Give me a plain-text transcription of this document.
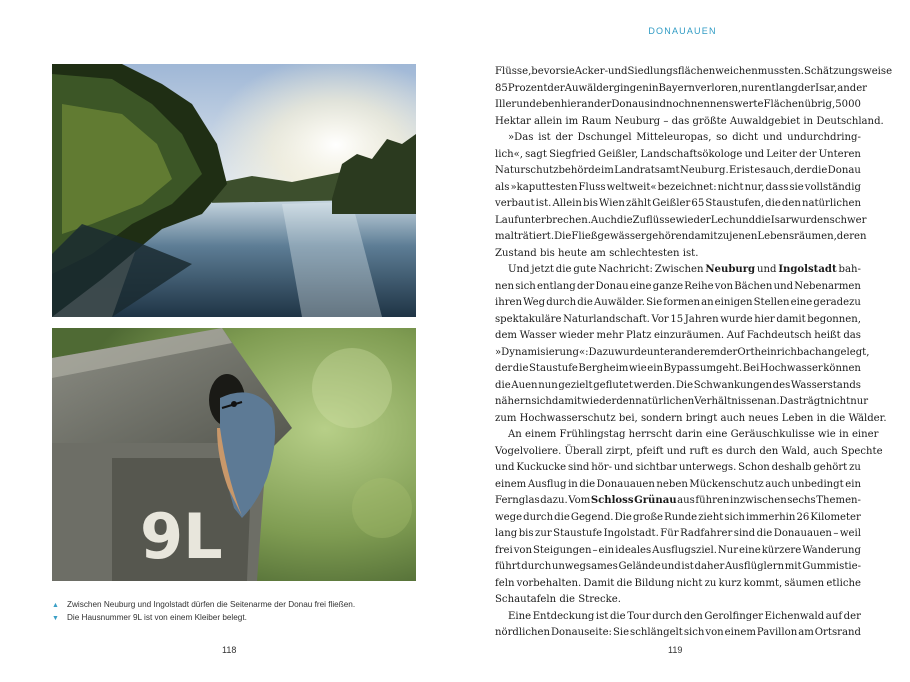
9L
▲ Zwischen Neuburg und Ingolstadt dürfen die Seitenarme der Donau frei fließen.
▼ Die Hausnummer 9L ist von einem Kleiber belegt.
118
DONAUAUEN
Flüsse, bevor sie Acker- und Siedlungsflächen weichen mussten. Schätzungsweise
85 Prozent der Auwälder gingen in Bayern verloren, nur entlang der Isar, an der
Iller und eben hier an der Donau sind noch nennenswerte Flächen übrig, 5000
Hektar allein im Raum Neuburg – das größte Auwaldgebiet in Deutschland.
»Das ist der Dschungel Mitteleuropas, so dicht und undurchdring-
lich«, sagt Siegfried Geißler, Landschaftsökologe und Leiter der Unteren
Naturschutzbehörde im Landratsamt Neuburg. Er ist es auch, der die Donau
als »kaputtesten Fluss weltweit« bezeichnet: nicht nur, dass sie vollständig
verbaut ist. Allein bis Wien zählt Geißler 65 Staustufen, die den natürlichen
Lauf unterbrechen. Auch die Zuflüsse wie der Lech und die Isar wurden schwer
malträtiert. Die Fließgewässer gehören damit zu jenen Lebensräumen, deren
Zustand bis heute am schlechtesten ist.
Und jetzt die gute Nachricht: Zwischen Neuburg und Ingolstadt bah-
nen sich entlang der Donau eine ganze Reihe von Bächen und Nebenarmen
ihren Weg durch die Auwälder. Sie formen an einigen Stellen eine geradezu
spektakuläre Naturlandschaft. Vor 15 Jahren wurde hier damit begonnen,
dem Wasser wieder mehr Platz einzuräumen. Auf Fachdeutsch heißt das
»Dynamisierung«: Dazu wurde unter anderem der Ortheinrichbach angelegt,
der die Staustufe Bergheim wie ein Bypass umgeht. Bei Hochwasser können
die Auen nun gezielt geflutet werden. Die Schwankungen des Wasserstands
nähern sich damit wieder den natürlichen Verhältnissen an. Das trägt nicht nur
zum Hochwasserschutz bei, sondern bringt auch neues Leben in die Wälder.
An einem Frühlingstag herrscht darin eine Geräuschkulisse wie in einer
Vogelvoliere. Überall zirpt, pfeift und ruft es durch den Wald, auch Spechte
und Kuckucke sind hör- und sichtbar unterwegs. Schon deshalb gehört zu
einem Ausflug in die Donauauen neben Mückenschutz auch unbedingt ein
Fernglas dazu. Vom Schloss Grünau aus führen inzwischen sechs Themen-
wege durch die Gegend. Die große Runde zieht sich immerhin 26 Kilometer
lang bis zur Staustufe Ingolstadt. Für Radfahrer sind die Donauauen – weil
frei von Steigungen – ein ideales Ausflugsziel. Nur eine kürzere Wanderung
führt durch unwegsames Gelände und ist daher Ausflüglern mit Gummistie-
feln vorbehalten. Damit die Bildung nicht zu kurz kommt, säumen etliche
Schautafeln die Strecke.
Eine Entdeckung ist die Tour durch den Gerolfinger Eichenwald auf der
nördlichen Donauseite: Sie schlängelt sich von einem Pavillon am Ortsrand
119
